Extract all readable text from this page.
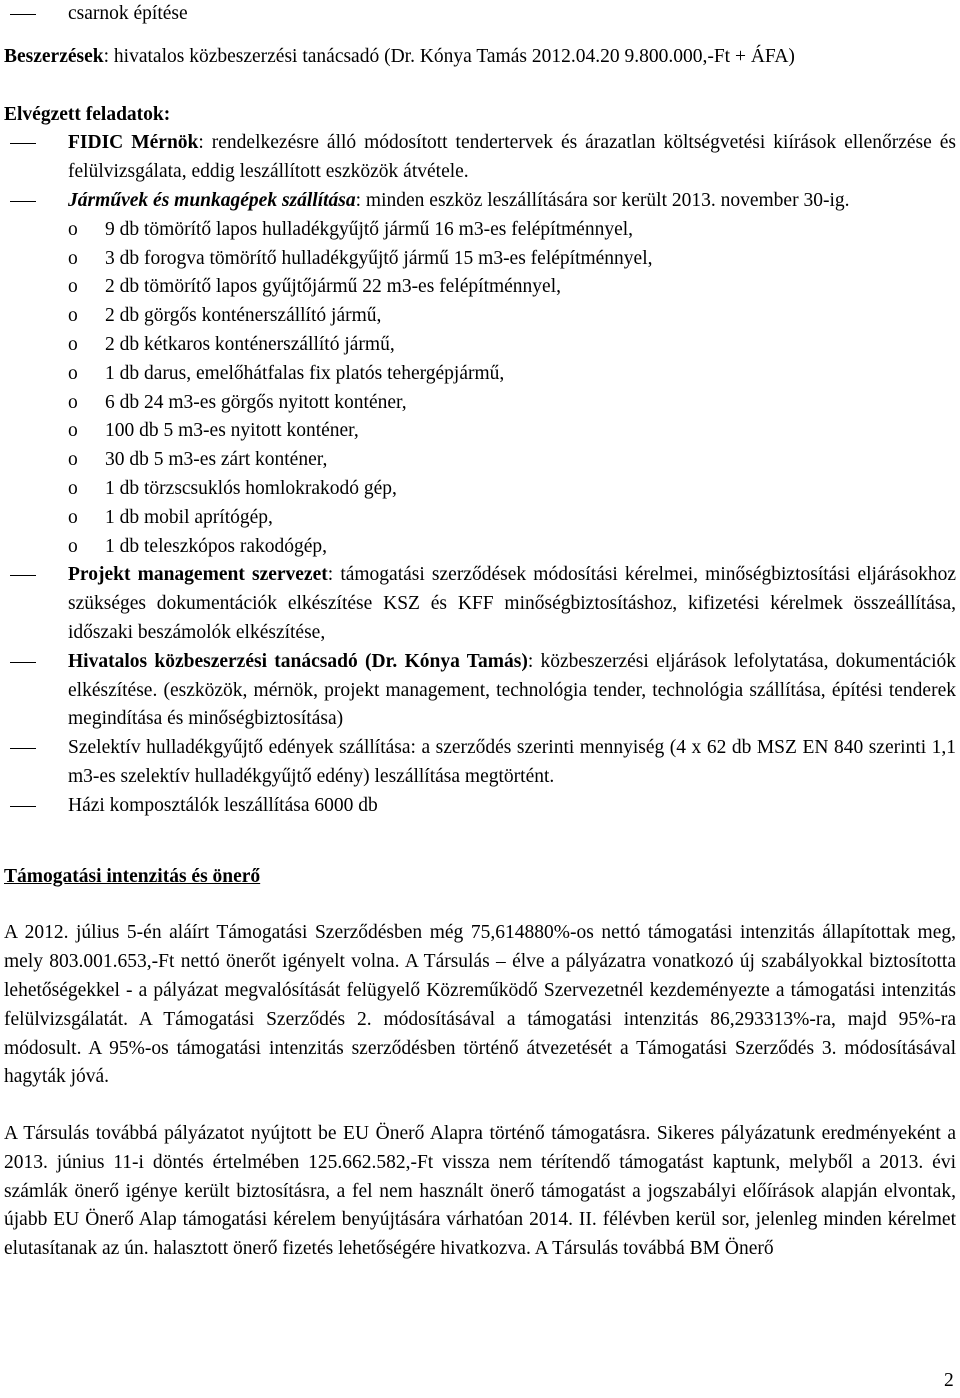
csarnok építése

Beszerzések: hivatalos közbeszerzési tanácsadó (Dr. Kónya Tamás 2012.04.20 9.800.000,-Ft + ÁFA)

Elvégzett feladatok:

FIDIC Mérnök: rendelkezésre álló módosított tendertervek és árazatlan költségvetési kiírások ellenőrzése és felülvizsgálata, eddig leszállított eszközök átvétele.
Járművek és munkagépek szállítása: minden eszköz leszállítására sor került 2013. november 30-ig.
o 9 db tömörítő lapos hulladékgyűjtő jármű 16 m3-es felépítménnyel,
o 3 db forogva tömörítő hulladékgyűjtő jármű 15 m3-es felépítménnyel,
o 2 db tömörítő lapos gyűjtőjármű 22 m3-es felépítménnyel,
o 2 db görgős konténerszállító jármű,
o 2 db kétkaros konténerszállító jármű,
o 1 db darus, emelőhátfalas fix platós tehergépjármű,
o 6 db 24 m3-es görgős nyitott konténer,
o 100 db 5 m3-es nyitott konténer,
o 30 db 5 m3-es zárt konténer,
o 1 db törzscsuklós homlokrakodó gép,
o 1 db mobil aprítógép,
o 1 db teleszkópos rakodógép,
Projekt management szervezet: támogatási szerződések módosítási kérelmei, minőségbiztosítási eljárásokhoz szükséges dokumentációk elkészítése KSZ és KFF minőségbiztosításhoz, kifizetési kérelmek összeállítása, időszaki beszámolók elkészítése,
Hivatalos közbeszerzési tanácsadó (Dr. Kónya Tamás): közbeszerzési eljárások lefolytatása, dokumentációk elkészítése. (eszközök, mérnök, projekt management, technológia tender, technológia szállítása, építési tenderek megindítása és minőségbiztosítása)
Szelektív hulladékgyűjtő edények szállítása: a szerződés szerinti mennyiség (4 x 62 db MSZ EN 840 szerinti 1,1 m3-es szelektív hulladékgyűjtő edény) leszállítása megtörtént.
Házi komposztálók leszállítása 6000 db

Támogatási intenzitás és önerő

A 2012. július 5-én aláírt Támogatási Szerződésben még 75,614880%-os nettó támogatási intenzitás állapítottak meg, mely 803.001.653,-Ft nettó önerőt igényelt volna. A Társulás – élve a pályázatra vonatkozó új szabályokkal biztosította lehetőségekkel - a pályázat megvalósítását felügyelő Közreműködő Szervezetnél kezdeményezte a támogatási intenzitás felülvizsgálatát. A Támogatási Szerződés 2. módosításával a támogatási intenzitás 86,293313%-ra, majd 95%-ra módosult. A 95%-os támogatási intenzitás szerződésben történő átvezetését a Támogatási Szerződés 3. módosításával hagyták jóvá.

A Társulás továbbá pályázatot nyújtott be EU Önerő Alapra történő támogatásra. Sikeres pályázatunk eredményeként a 2013. június 11-i döntés értelmében 125.662.582,-Ft vissza nem térítendő támogatást kaptunk, melyből a 2013. évi számlák önerő igénye került biztosításra, a fel nem használt önerő támogatást a jogszabályi előírások alapján elvontak, újabb EU Önerő Alap támogatási kérelem benyújtására várhatóan 2014. II. félévben kerül sor, jelenleg minden kérelmet elutasítanak az ún. halasztott önerő fizetés lehetőségére hivatkozva. A Társulás továbbá BM Önerő

2
